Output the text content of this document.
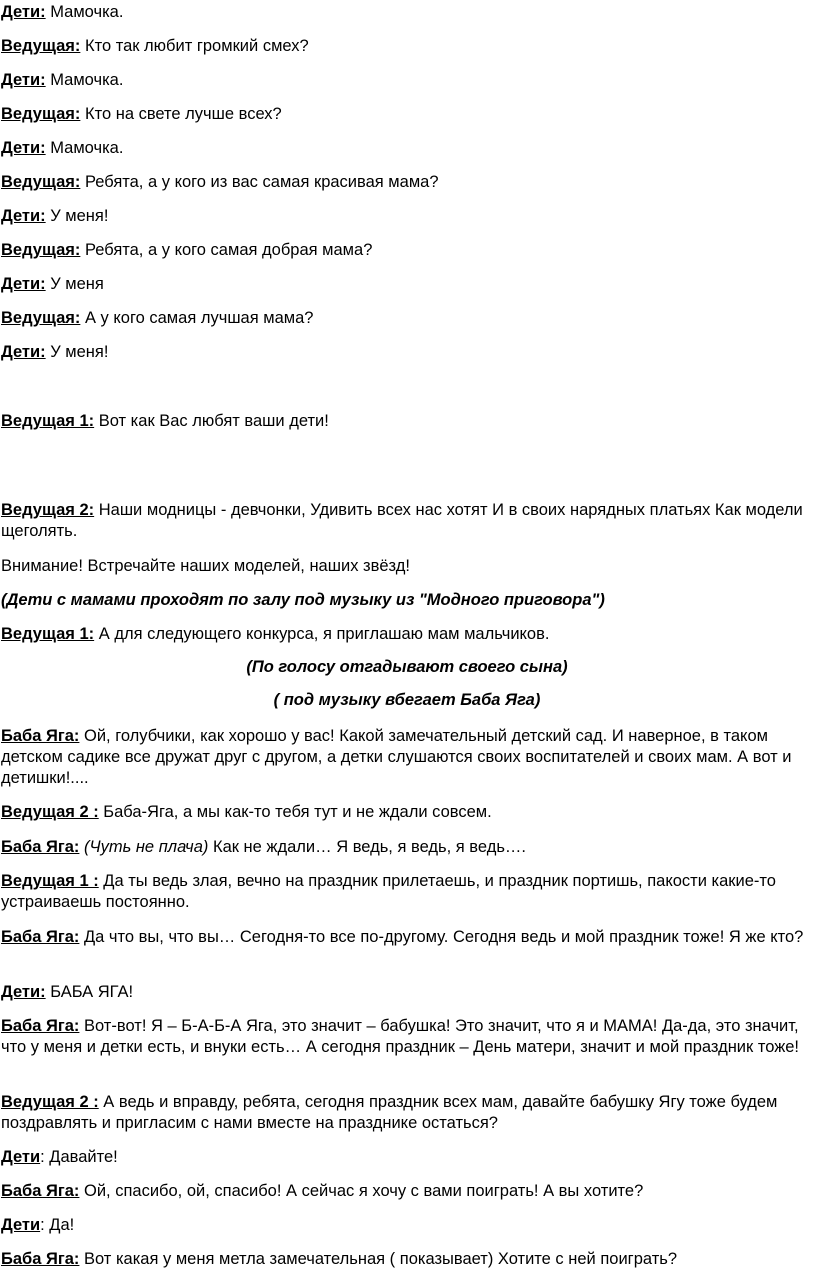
Дети: Мамочка.

Ведущая: Кто так любит громкий смех?

Дети: Мамочка.

Ведущая: Кто на свете лучше всех?

Дети: Мамочка.

Ведущая: Ребята, а у кого из вас самая красивая мама?

Дети: У меня!

Ведущая: Ребята, а у кого самая добрая мама?

Дети: У меня

Ведущая: А у кого самая лучшая мама?

Дети: У меня!

Ведущая 1: Вот как Вас любят ваши дети!

Ведущая 2: Наши модницы - девчонки, Удивить всех нас хотят И в своих нарядных платьях Как модели щеголять.

Внимание! Встречайте наших моделей, наших звёзд!

(Дети с мамами проходят по залу под музыку из "Модного приговора")

Ведущая 1: А для следующего конкурса, я приглашаю мам мальчиков.

(По голосу отгадывают своего сына)

( под музыку вбегает Баба Яга)

Баба Яга: Ой, голубчики, как хорошо у вас! Какой замечательный детский сад. И наверное, в таком детском садике все дружат друг с другом, а детки слушаются своих воспитателей и своих мам. А вот и детишки!....

Ведущая 2 : Баба-Яга, а мы как-то тебя тут и не ждали совсем.

Баба Яга: (Чуть не плача) Как не ждали… Я ведь, я ведь, я ведь….

Ведущая 1 : Да ты ведь злая, вечно на праздник прилетаешь, и праздник портишь, пакости какие-то устраиваешь постоянно.

Баба Яга: Да что вы, что вы… Сегодня-то все по-другому. Сегодня ведь и мой праздник тоже! Я же кто?

Дети: БАБА ЯГА!

Баба Яга: Вот-вот! Я – Б-А-Б-А Яга, это значит – бабушка! Это значит, что я и МАМА! Да-да, это значит, что у меня и детки есть, и внуки есть… А сегодня праздник – День матери, значит и мой праздник тоже!

Ведущая 2 : А ведь и вправду, ребята, сегодня праздник всех мам, давайте бабушку Ягу тоже будем поздравлять и пригласим с нами вместе на празднике остаться?

Дети: Давайте!

Баба Яга: Ой, спасибо, ой, спасибо! А сейчас я хочу с вами поиграть! А вы хотите?

Дети: Да!

Баба Яга: Вот какая у меня метла замечательная ( показывает) Хотите с ней поиграть?
